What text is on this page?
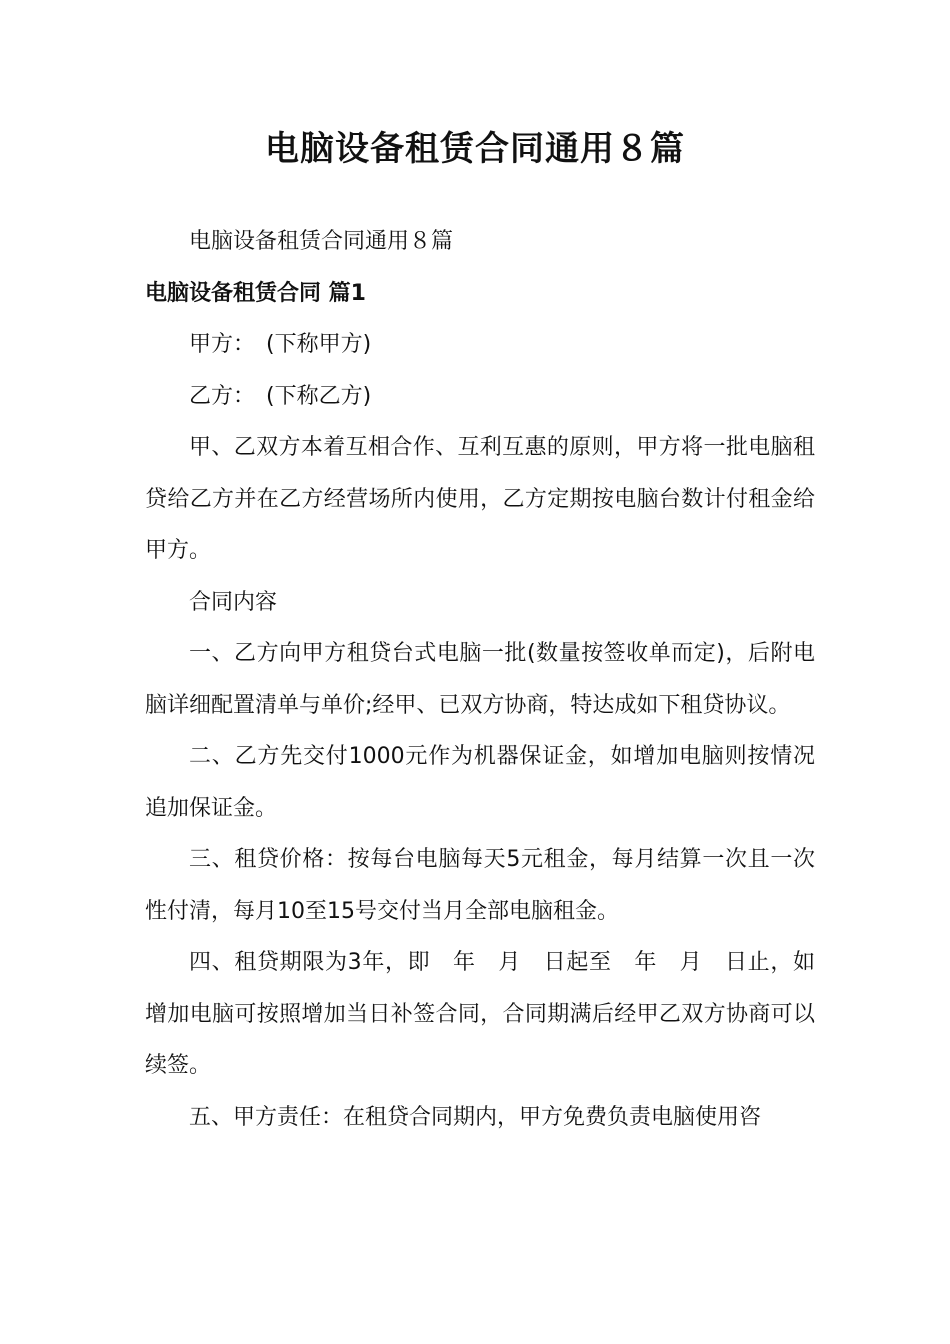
电脑设备租赁合同通用８篇

电脑设备租赁合同通用８篇

电脑设备租赁合同 篇1

甲方：　(下称甲方)

乙方：　(下称乙方)

甲、乙双方本着互相合作、互利互惠的原则，甲方将一批电脑租贷给乙方并在乙方经营场所内使用，乙方定期按电脑台数计付租金给甲方。

合同内容

一、乙方向甲方租贷台式电脑一批(数量按签收单而定)，后附电脑详细配置清单与单价;经甲、已双方协商，特达成如下租贷协议。

二、乙方先交付1000元作为机器保证金，如增加电脑则按情况追加保证金。

三、租贷价格：按每台电脑每天5元租金，每月结算一次且一次性付清，每月10至15号交付当月全部电脑租金。

四、租贷期限为3年，即　年　月　日起至　年　月　日止，如增加电脑可按照增加当日补签合同，合同期满后经甲乙双方协商可以续签。

五、甲方责任：在租贷合同期内，甲方免费负责电脑使用咨
